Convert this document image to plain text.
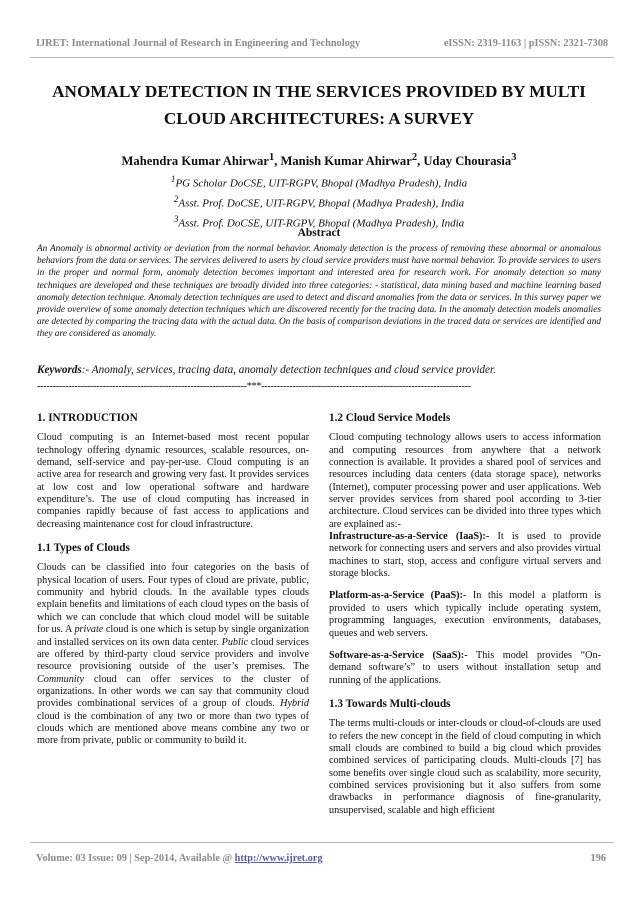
IJRET: International Journal of Research in Engineering and Technology	eISSN: 2319-1163 | pISSN: 2321-7308
ANOMALY DETECTION IN THE SERVICES PROVIDED BY MULTI CLOUD ARCHITECTURES: A SURVEY
Mahendra Kumar Ahirwar$^1$, Manish Kumar Ahirwar$^2$, Uday Chourasia$^3$
$^1$PG Scholar DoCSE, UIT-RGPV, Bhopal (Madhya Pradesh), India
$^2$Asst. Prof. DoCSE, UIT-RGPV, Bhopal (Madhya Pradesh), India
$^3$Asst. Prof. DoCSE, UIT-RGPV, Bhopal (Madhya Pradesh), India
Abstract
An Anomaly is abnormal activity or deviation from the normal behavior. Anomaly detection is the process of removing these abnormal or anomalous behaviors from the data or services. The services delivered to users by cloud service providers must have normal behavior. To provide services to users in the proper and normal form, anomaly detection becomes important and interested area for research work. For anomaly detection so many techniques are developed and these techniques are broadly divided into three categories: - statistical, data mining based and machine learning based anomaly detection technique. Anomaly detection techniques are used to detect and discard anomalies from the data or services. In this survey paper we provide overview of some anomaly detection techniques which are discovered recently for the tracing data. In the anomaly detection models anomalies are detected by comparing the tracing data with the actual data. On the basis of comparison deviations in the traced data or services are identified and they are considered as anomaly.
Keywords:- Anomaly, services, tracing data, anomaly detection techniques and cloud service provider.
-------------------------------------------------------------------***-------------------------------------------------------------------
1. INTRODUCTION

Cloud computing is an Internet-based most recent popular technology offering dynamic resources, scalable resources, on-demand, self-service and pay-per-use. Cloud computing is an active area for research and growing very fast. It provides services at low cost and low operational software and hardware expenditure’s. The use of cloud computing has increased in companies rapidly because of fast access to applications and decreasing maintenance cost for cloud infrastructure.

1.1 Types of Clouds

Clouds can be classified into four categories on the basis of physical location of users. Four types of cloud are private, public, community and hybrid clouds. In the available types clouds explain benefits and limitations of each cloud types on the basis of which we can conclude that which cloud model will be suitable for us. A private cloud is one which is setup by single organization and installed services on its own data center. Public cloud services are offered by third-party cloud service providers and involve resource provisioning outside of the user’s premises. The Community cloud can offer services to the cluster of organizations. In other words we can say that community cloud provides combinational services of a group of clouds. Hybrid cloud is the combination of any two or more than two types of clouds which are mentioned above means combine any two or more from private, public or community to build it.

1.2 Cloud Service Models

Cloud computing technology allows users to access information and computing resources from anywhere that a network connection is available. It provides a shared pool of services and resources including data centers (data storage space), networks (Internet), computer processing power and user applications. Web server provides services from shared pool according to 3-tier architecture. Cloud services can be divided into three types which are explained as:-
Infrastructure-as-a-Service (IaaS):- It is used to provide network for connecting users and servers and also provides virtual machines to start, stop, access and configure virtual servers and storage blocks.

Platform-as-a-Service (PaaS):- In this model a platform is provided to users which typically include operating system, programming languages, execution environments, databases, queues and web servers.

Software-as-a-Service (SaaS):- This model provides “On-demand software’s” to users without installation setup and running of the applications.

1.3 Towards Multi-clouds

The terms multi-clouds or inter-clouds or cloud-of-clouds are used to refers the new concept in the field of cloud computing in which small clouds are combined to build a big cloud which provides combined services of participating clouds. Multi-clouds [7] has some benefits over single cloud such as scalability, more security, combined services provisioning but it also suffers from some drawbacks in performance diagnosis of fine-granularity, unsupervised, scalable and high efficient

Volume: 03 Issue: 09 | Sep-2014, Available @ http://www.ijret.org	196
